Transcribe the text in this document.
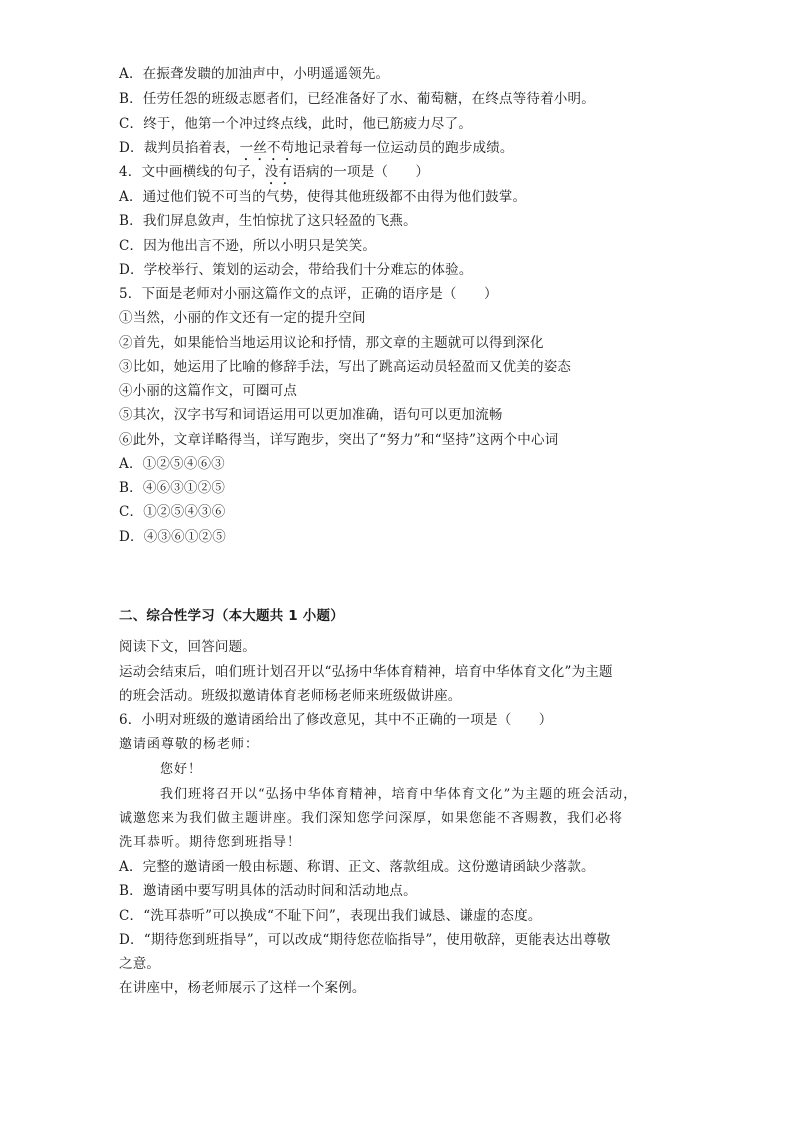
A．在振聋发聩的加油声中，小明遥遥领先。
B．任劳任怨的班级志愿者们，已经准备好了水、葡萄糖，在终点等待着小明。
C．终于，他第一个冲过终点线，此时，他已筋疲力尽了。
D．裁判员掐着表，一丝不苟地记录着每一位运动员的跑步成绩。
4．文中画横线的句子，没有语病的一项是（　　）
A．通过他们锐不可当的气势，使得其他班级都不由得为他们鼓掌。
B．我们屏息敛声，生怕惊扰了这只轻盈的飞燕。
C．因为他出言不逊，所以小明只是笑笑。
D．学校举行、策划的运动会，带给我们十分难忘的体验。
5．下面是老师对小丽这篇作文的点评，正确的语序是（　　）
①当然，小丽的作文还有一定的提升空间
②首先，如果能恰当地运用议论和抒情，那文章的主题就可以得到深化
③比如，她运用了比喻的修辞手法，写出了跳高运动员轻盈而又优美的姿态
④小丽的这篇作文，可圈可点
⑤其次，汉字书写和词语运用可以更加准确，语句可以更加流畅
⑥此外，文章详略得当，详写跑步，突出了“努力”和“坚持”这两个中心词
A．①②⑤④⑥③
B．④⑥③①②⑤
C．①②⑤④③⑥
D．④③⑥①②⑤
二、综合性学习（本大题共 1 小题）
阅读下文，回答问题。
运动会结束后，咱们班计划召开以“弘扬中华体育精神，培育中华体育文化”为主题
的班会活动。班级拟邀请体育老师杨老师来班级做讲座。
6．小明对班级的邀请函给出了修改意见，其中不正确的一项是（　　）
邀请函尊敬的杨老师：
您好！
我们班将召开以“弘扬中华体育精神，培育中华体育文化”为主题的班会活动，
诚邀您来为我们做主题讲座。我们深知您学问深厚，如果您能不吝赐教，我们必将
洗耳恭听。期待您到班指导！
A．完整的邀请函一般由标题、称谓、正文、落款组成。这份邀请函缺少落款。
B．邀请函中要写明具体的活动时间和活动地点。
C．“洗耳恭听”可以换成“不耻下问”，表现出我们诚恳、谦虚的态度。
D．“期待您到班指导”，可以改成“期待您莅临指导”，使用敬辞，更能表达出尊敬
之意。
在讲座中，杨老师展示了这样一个案例。
